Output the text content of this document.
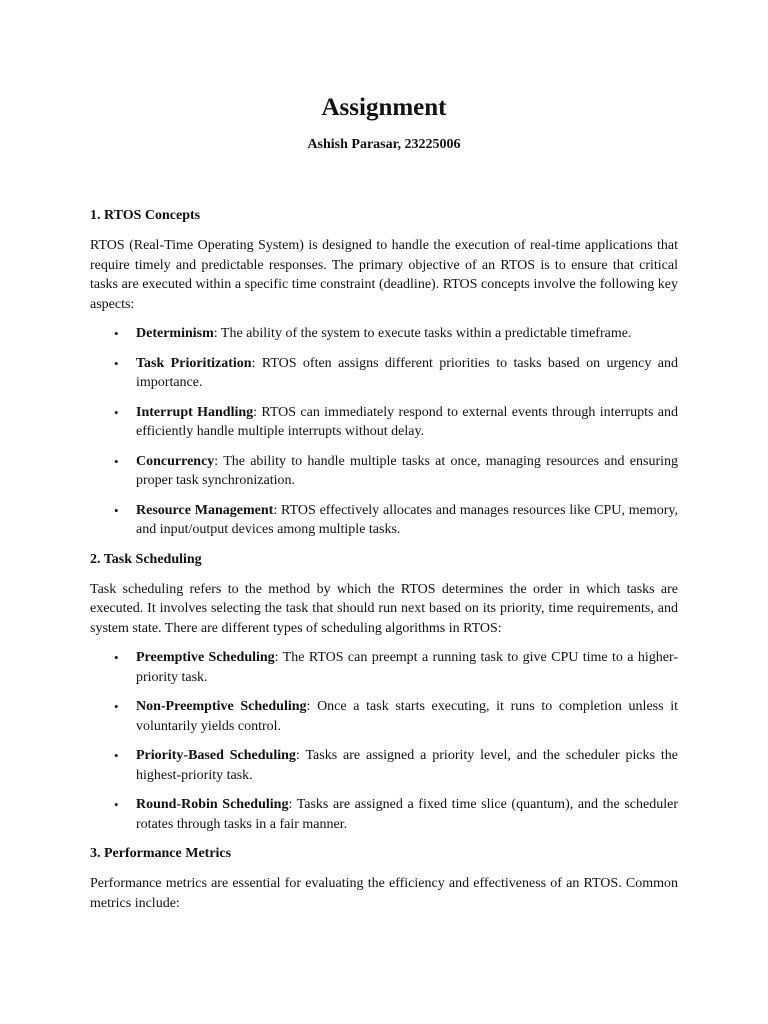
Assignment

Ashish Parasar, 23225006

1. RTOS Concepts

RTOS (Real-Time Operating System) is designed to handle the execution of real-time applications that require timely and predictable responses. The primary objective of an RTOS is to ensure that critical tasks are executed within a specific time constraint (deadline). RTOS concepts involve the following key aspects:

• Determinism: The ability of the system to execute tasks within a predictable timeframe.
• Task Prioritization: RTOS often assigns different priorities to tasks based on urgency and importance.
• Interrupt Handling: RTOS can immediately respond to external events through interrupts and efficiently handle multiple interrupts without delay.
• Concurrency: The ability to handle multiple tasks at once, managing resources and ensuring proper task synchronization.
• Resource Management: RTOS effectively allocates and manages resources like CPU, memory, and input/output devices among multiple tasks.
2. Task Scheduling

Task scheduling refers to the method by which the RTOS determines the order in which tasks are executed. It involves selecting the task that should run next based on its priority, time requirements, and system state. There are different types of scheduling algorithms in RTOS:

• Preemptive Scheduling: The RTOS can preempt a running task to give CPU time to a higher-priority task.
• Non-Preemptive Scheduling: Once a task starts executing, it runs to completion unless it voluntarily yields control.
• Priority-Based Scheduling: Tasks are assigned a priority level, and the scheduler picks the highest-priority task.
• Round-Robin Scheduling: Tasks are assigned a fixed time slice (quantum), and the scheduler rotates through tasks in a fair manner.
3. Performance Metrics

Performance metrics are essential for evaluating the efficiency and effectiveness of an RTOS. Common metrics include:
